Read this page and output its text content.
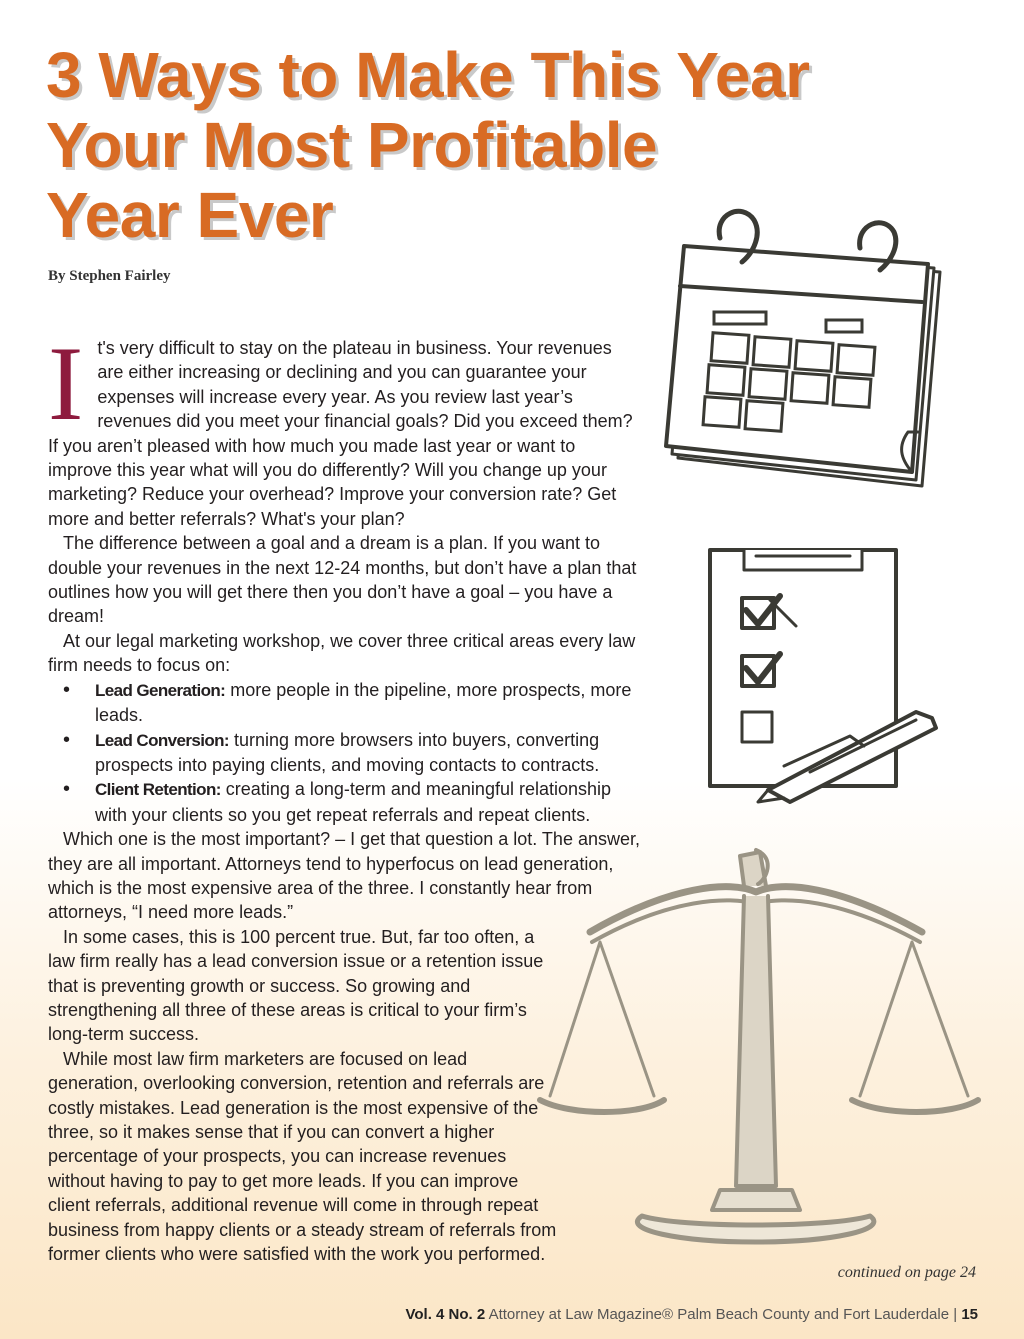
3 Ways to Make This Year
Your Most Profitable
Year Ever
By Stephen Fairley

It's very difficult to stay on the plateau in business. Your revenues are either increasing or declining and you can guarantee your expenses will increase every year. As you review last year’s revenues did you meet your financial goals? Did you exceed them? If you aren’t pleased with how much you made last year or want to improve this year what will you do differently? Will you change up your marketing? Reduce your overhead? Improve your conversion rate? Get more and better referrals? What's your plan?

The difference between a goal and a dream is a plan. If you want to double your revenues in the next 12-24 months, but don’t have a plan that outlines how you will get there then you don’t have a goal – you have a dream!

At our legal marketing workshop, we cover three critical areas every law firm needs to focus on:

• Lead Generation: more people in the pipeline, more prospects, more leads.
• Lead Conversion: turning more browsers into buyers, converting prospects into paying clients, and moving contacts to contracts.
• Client Retention: creating a long-term and meaningful relationship with your clients so you get repeat referrals and repeat clients.

Which one is the most important? – I get that question a lot. The answer, they are all important. Attorneys tend to hyperfocus on lead generation, which is the most expensive area of the three. I constantly hear from attorneys, “I need more leads.”

In some cases, this is 100 percent true. But, far too often, a law firm really has a lead conversion issue or a retention issue that is preventing growth or success. So growing and strengthening all three of these areas is critical to your firm’s long-term success.

While most law firm marketers are focused on lead generation, overlooking conversion, retention and referrals are costly mistakes. Lead generation is the most expensive of the three, so it makes sense that if you can convert a higher percentage of your prospects, you can increase revenues without having to pay to get more leads. If you can improve client referrals, additional revenue will come in through repeat business from happy clients or a steady stream of referrals from former clients who were satisfied with the work you performed.

continued on page 24
Vol. 4 No. 2 Attorney at Law Magazine® Palm Beach County and Fort Lauderdale | 15
